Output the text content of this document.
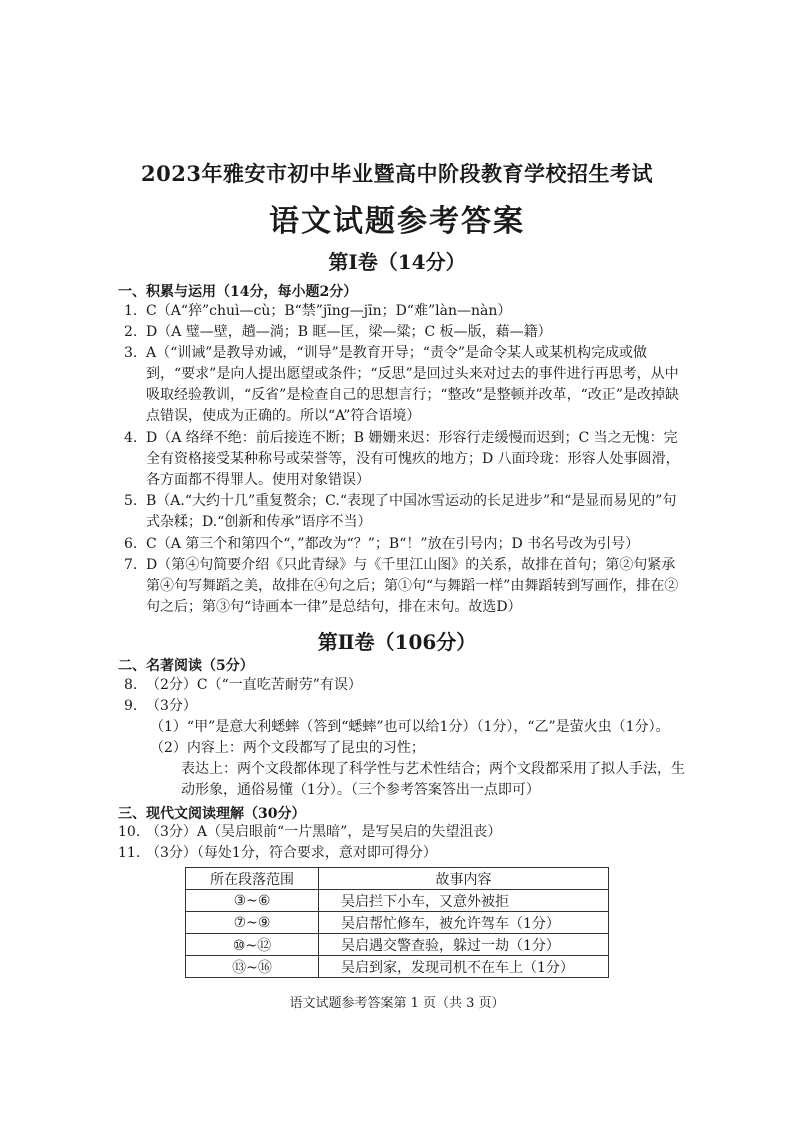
2023年雅安市初中毕业暨高中阶段教育学校招生考试
语文试题参考答案
第Ⅰ卷（14分）
一、积累与运用（14分，每小题2分）
1. C（A“猝”chuì—cù；B“禁”jīng—jīn；D“难”làn—nàn）
2. D（A 璧—壁，趟—淌；B 眶—匡，梁—粱；C 板—版，藉—籍）
3. A（“训诫”是教导劝诫，“训导”是教育开导；“责令”是命令某人或某机构完成或做到，“要求”是向人提出愿望或条件；“反思”是回过头来对过去的事件进行再思考，从中吸取经验教训，“反省”是检查自己的思想言行；“整改”是整顿并改革，“改正”是改掉缺点错误，使成为正确的。所以“A”符合语境）
4. D（A 络绎不绝：前后接连不断；B 姗姗来迟：形容行走缓慢而迟到；C 当之无愧：完全有资格接受某种称号或荣誉等，没有可愧疚的地方；D 八面玲珑：形容人处事圆滑，各方面都不得罪人。使用对象错误）
5. B（A.“大约十几”重复赘余；C.“表现了中国冰雪运动的长足进步”和“是显而易见的”句式杂糅；D.“创新和传承”语序不当）
6. C（A 第三个和第四个“，”都改为“？”；B“！”放在引号内；D 书名号改为引号）
7. D（第④句简要介绍《只此青绿》与《千里江山图》的关系，故排在首句；第②句紧承第④句写舞蹈之美，故排在④句之后；第①句“与舞蹈一样”由舞蹈转到写画作，排在②句之后；第③句“诗画本一律”是总结句，排在末句。故选D）
第Ⅱ卷（106分）
二、名著阅读（5分）
8. （2分）C（“一直吃苦耐劳”有误）
9. （3分）
（1）“甲”是意大利蟋蟀（答到“蟋蟀”也可以给1分）（1分），“乙”是萤火虫（1分）。
（2）内容上：两个文段都写了昆虫的习性；
表达上：两个文段都体现了科学性与艺术性结合；两个文段都采用了拟人手法，生动形象，通俗易懂（1分）。（三个参考答案答出一点即可）
三、现代文阅读理解（30分）
10. （3分）A（吴启眼前“一片黑暗”，是写吴启的失望沮丧）
11. （3分）（每处1分，符合要求，意对即可得分）
所在段落范围	故事内容
③~⑥	吴启拦下小车，又意外被拒
⑦~⑨	吴启帮忙修车，被允许驾车（1分）
⑩~⑫	吴启遇交警查验，躲过一劫（1分）
⑬~⑯	吴启到家，发现司机不在车上（1分）
语文试题参考答案第 1 页（共 3 页）
